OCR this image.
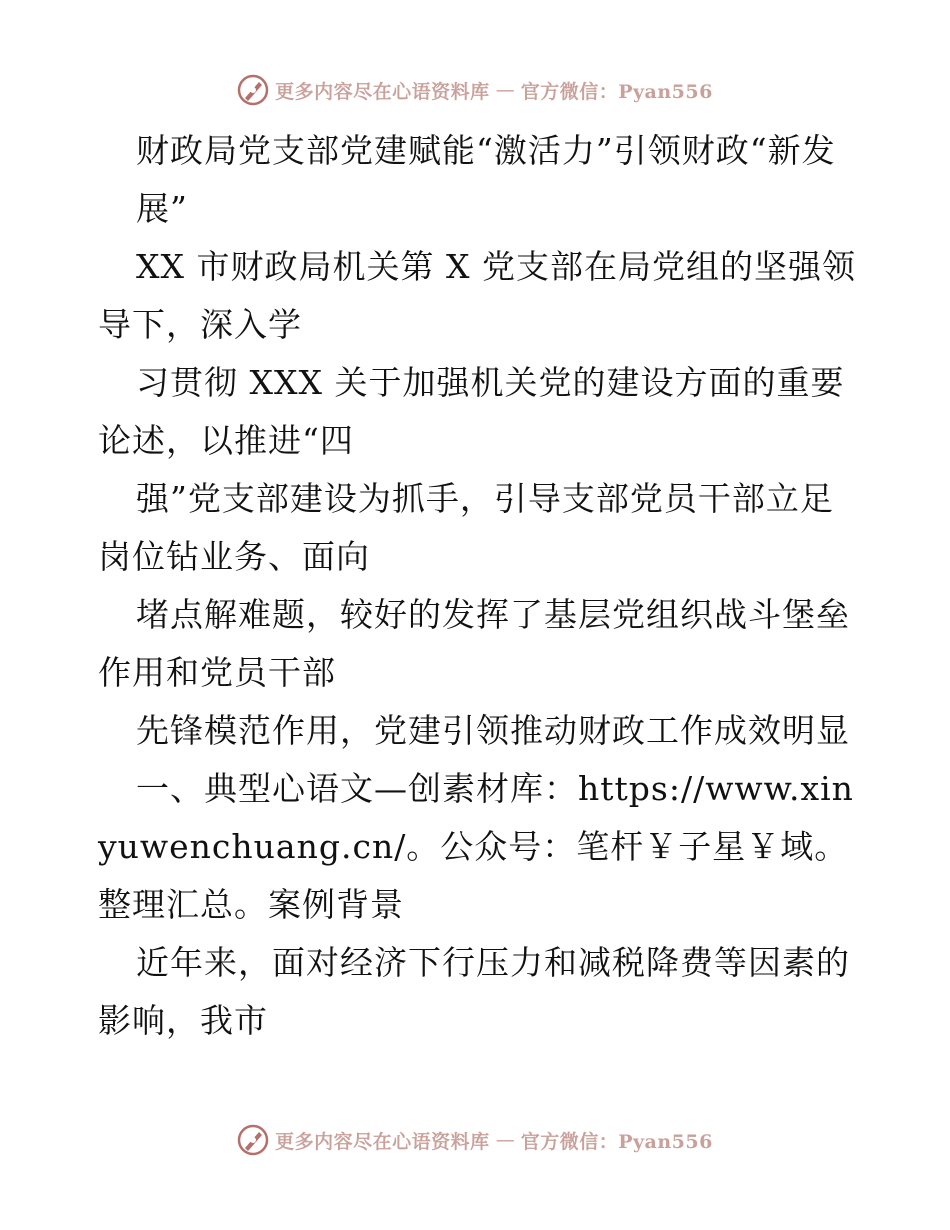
更多内容尽在心语资料库 — 官方微信：Pyan556

财政局党支部党建赋能“激活力”引领财政“新发

展”

XX 市财政局机关第 X 党支部在局党组的坚强领导下，深入学

习贯彻 XXX 关于加强机关党的建设方面的重要论述，以推进“四

强”党支部建设为抓手，引导支部党员干部立足岗位钻业务、面向

堵点解难题，较好的发挥了基层党组织战斗堡垒作用和党员干部

先锋模范作用，党建引领推动财政工作成效明显

一、典型心语文—创素材库：https://www.xinyuwenchuang.cn/。公众号：笔杆￥子星￥域。整理汇总。案例背景

近年来，面对经济下行压力和减税降费等因素的影响，我市

更多内容尽在心语资料库 — 官方微信：Pyan556
